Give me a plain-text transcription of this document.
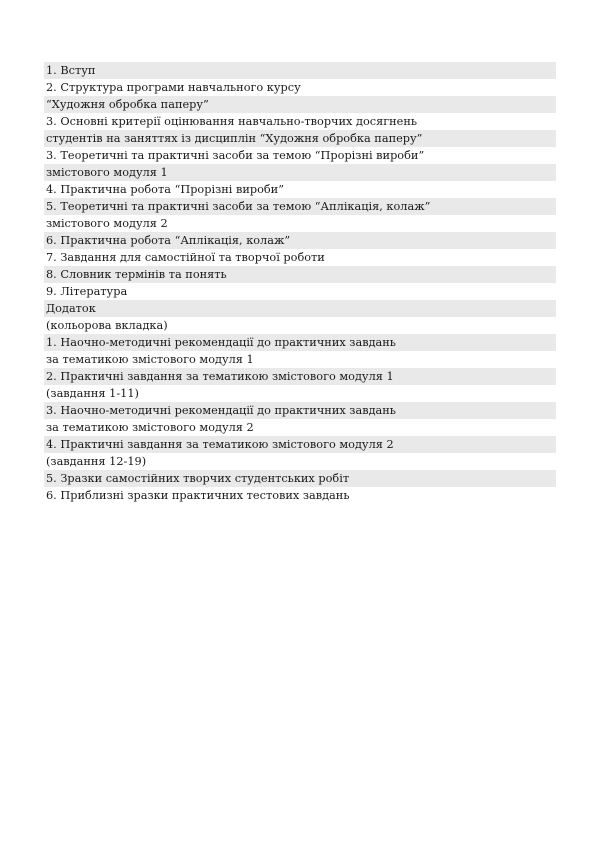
1. Вступ
2. Структура програми навчального курсу
“Художня обробка паперу”
3. Основні критерії оцінювання навчально-творчих досягнень
студентів на заняттях із дисциплін “Художня обробка паперу”
3. Теоретичні та практичні засоби за темою “Прорізні вироби”
змістового модуля 1
4. Практична робота “Прорізні вироби”
5. Теоретичні та практичні засоби за темою “Аплікація, колаж”
змістового модуля 2
6. Практична робота “Аплікація, колаж”
7. Завдання для самостійної та творчої роботи
8. Словник термінів та понять
9. Література
Додаток
(кольорова вкладка)
1. Наочно-методичні рекомендації до практичних завдань
за тематикою змістового модуля 1
2. Практичні завдання за тематикою змістового модуля 1
(завдання 1-11)
3. Наочно-методичні рекомендації до практичних завдань
за тематикою змістового модуля 2
4. Практичні завдання за тематикою змістового модуля 2
(завдання 12-19)
5. Зразки самостійних творчих студентських робіт
6. Приблизні зразки практичних тестових завдань
